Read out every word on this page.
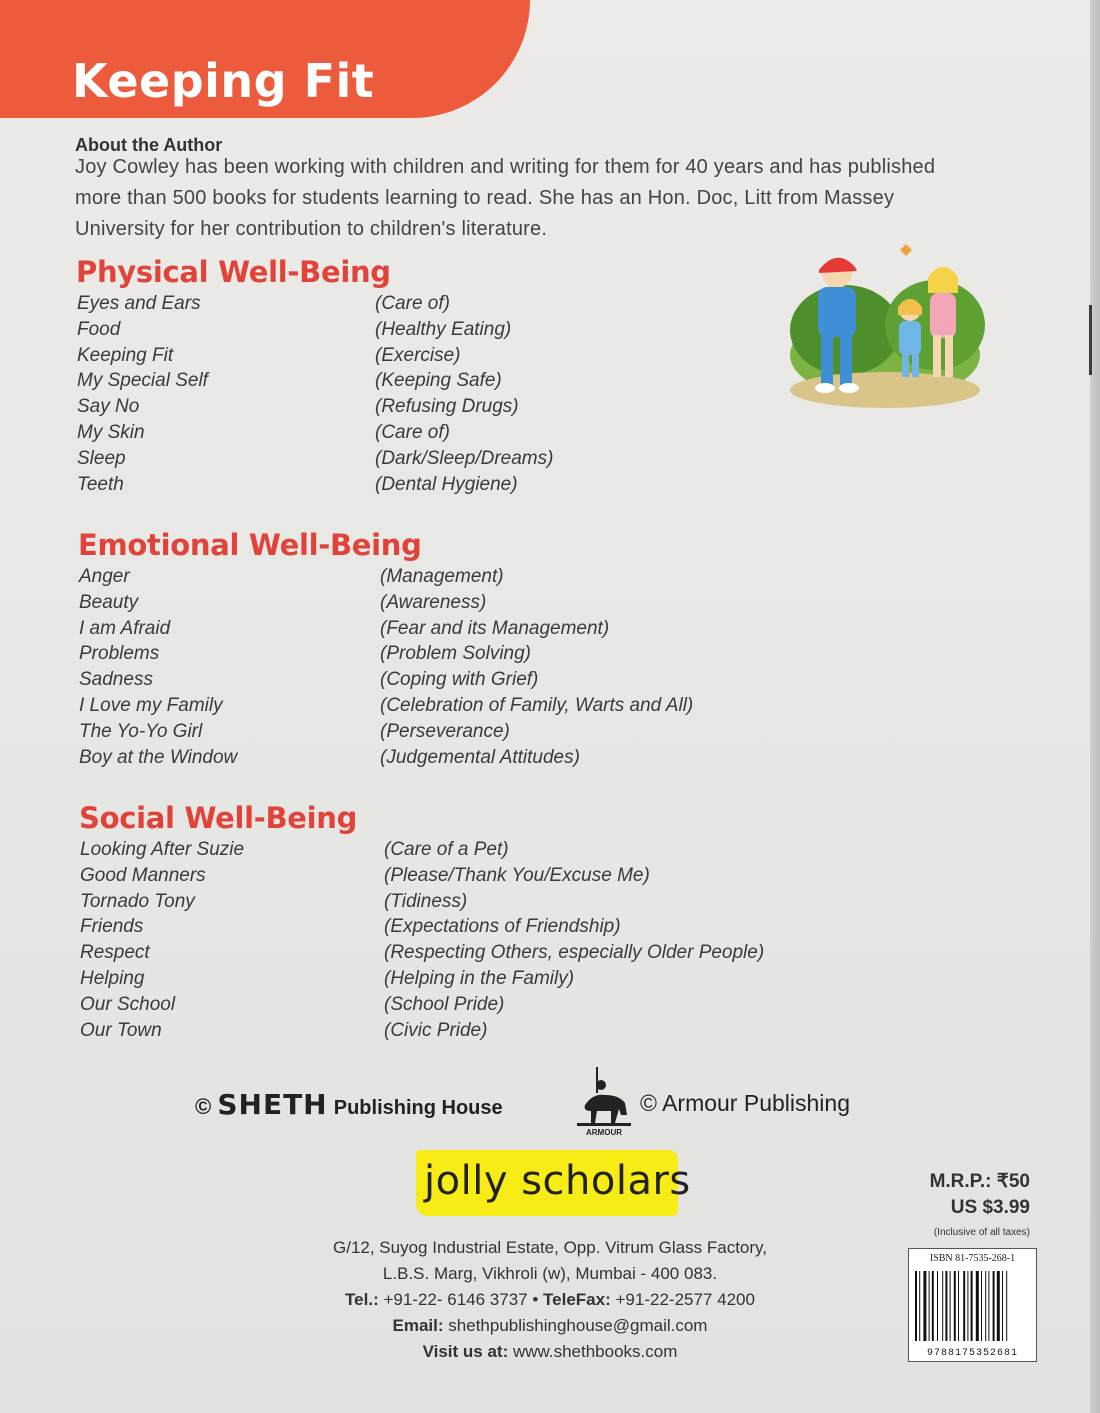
Keeping Fit
About the Author
Joy Cowley has been working with children and writing for them for 40 years and has published
more than 500 books for students learning to read. She has an Hon. Doc, Litt from Massey
University for her contribution to children's literature.
Physical Well-Being
Eyes and Ears	(Care of)
Food	(Healthy Eating)
Keeping Fit	(Exercise)
My Special Self	(Keeping Safe)
Say No	(Refusing Drugs)
My Skin	(Care of)
Sleep	(Dark/Sleep/Dreams)
Teeth	(Dental Hygiene)
Emotional Well-Being
Anger	(Management)
Beauty	(Awareness)
I am Afraid	(Fear and its Management)
Problems	(Problem Solving)
Sadness	(Coping with Grief)
I Love my Family	(Celebration of Family, Warts and All)
The Yo-Yo Girl	(Perseverance)
Boy at the Window	(Judgemental Attitudes)
Social Well-Being
Looking After Suzie	(Care of a Pet)
Good Manners	(Please/Thank You/Excuse Me)
Tornado Tony	(Tidiness)
Friends	(Expectations of Friendship)
Respect	(Respecting Others, especially Older People)
Helping	(Helping in the Family)
Our School	(School Pride)
Our Town	(Civic Pride)
© SHETH Publishing House
ARMOUR
© Armour Publishing
jolly scholars
G/12, Suyog Industrial Estate, Opp. Vitrum Glass Factory,
L.B.S. Marg, Vikhroli (w), Mumbai - 400 083.
Tel.: +91-22- 6146 3737 • TeleFax: +91-22-2577 4200
Email: shethpublishinghouse@gmail.com
Visit us at: www.shethbooks.com
M.R.P.: ₹50
US $3.99
(Inclusive of all taxes)
ISBN 81-7535-268-1
9788175352681
